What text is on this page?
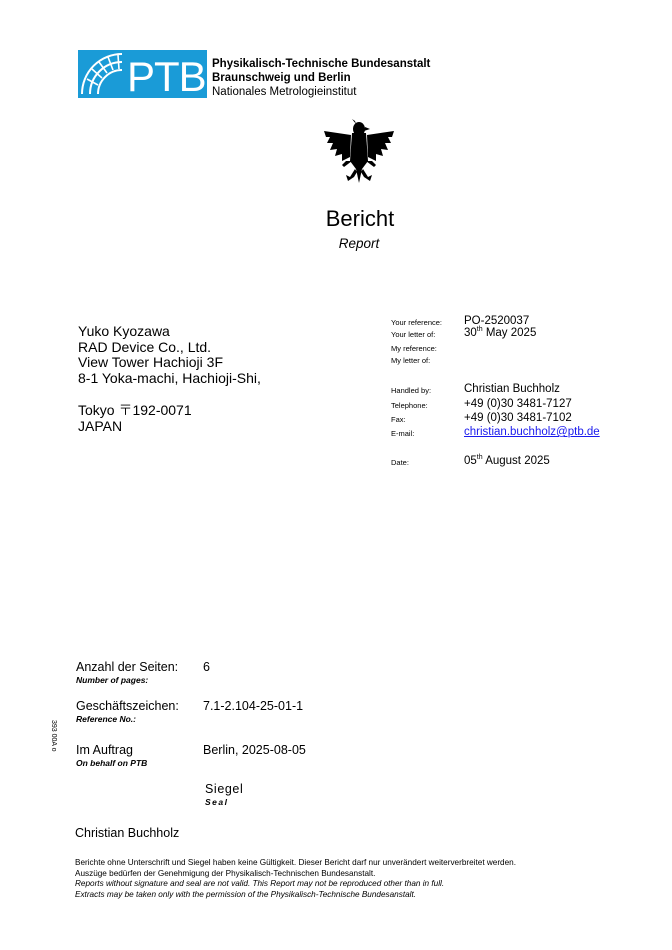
PTB Physikalisch-Technische Bundesanstalt
Braunschweig und Berlin
Nationales Metrologieinstitut
Bericht
Report
Yuko Kyozawa
RAD Device Co., Ltd.
View Tower Hachioji 3F
8-1 Yoka-machi, Hachioji-Shi,
Tokyo 〒192-0071
JAPAN
Your reference: PO-2520037
Your letter of: 30th May 2025
My reference:
My letter of:
Handled by:	Christian Buchholz
Telephone:	+49 (0)30 3481-7127
Fax:	+49 (0)30 3481-7102
E-mail:	christian.buchholz@ptb.de
Date:	05th August 2025
Anzahl der Seiten:
Number of pages:
6
Geschäftszeichen:
Reference No.:
7.1-2.104-25-01-1
Im Auftrag
On behalf on PTB
Berlin, 2025-08-05
Siegel
Seal
393 00A o
Christian Buchholz
Berichte ohne Unterschrift und Siegel haben keine Gültigkeit. Dieser Bericht darf nur unverändert weiterverbreitet werden.
Auszüge bedürfen der Genehmigung der Physikalisch-Technischen Bundesanstalt.
Reports without signature and seal are not valid. This Report may not be reproduced other than in full.
Extracts may be taken only with the permission of the Physikalisch-Technische Bundesanstalt.
